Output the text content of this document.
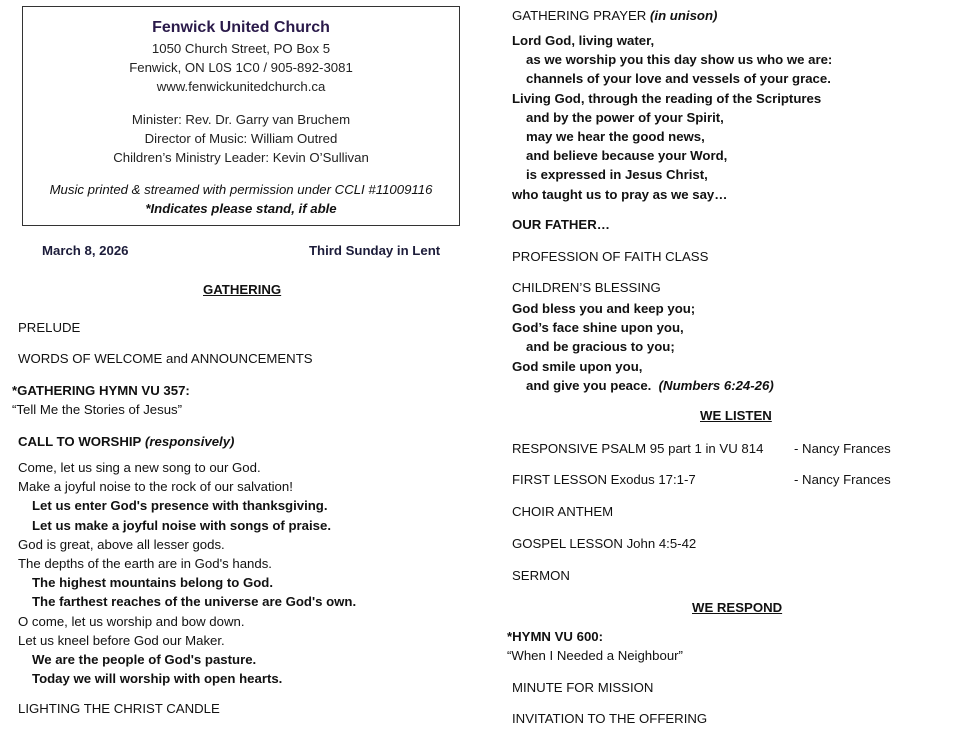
Fenwick United Church
1050 Church Street, PO Box 5
Fenwick, ON L0S 1C0 / 905-892-3081
www.fenwickunitedchurch.ca
Minister: Rev. Dr. Garry van Bruchem
Director of Music: William Outred
Children’s Ministry Leader: Kevin O’Sullivan
Music printed & streamed with permission under CCLI #11009116
*Indicates please stand, if able
March 8, 2026	Third Sunday in Lent
GATHERING
PRELUDE
WORDS OF WELCOME and ANNOUNCEMENTS
*GATHERING HYMN VU 357:
“Tell Me the Stories of Jesus”
CALL TO WORSHIP (responsively)
Come, let us sing a new song to our God.
Make a joyful noise to the rock of our salvation!
Let us enter God's presence with thanksgiving.
Let us make a joyful noise with songs of praise.
God is great, above all lesser gods.
The depths of the earth are in God's hands.
The highest mountains belong to God.
The farthest reaches of the universe are God's own.
O come, let us worship and bow down.
Let us kneel before God our Maker.
We are the people of God's pasture.
Today we will worship with open hearts.
LIGHTING THE CHRIST CANDLE
GATHERING PRAYER (in unison)
Lord God, living water,
as we worship you this day show us who we are:
channels of your love and vessels of your grace.
Living God, through the reading of the Scriptures
and by the power of your Spirit,
may we hear the good news,
and believe because your Word,
is expressed in Jesus Christ,
who taught us to pray as we say…
OUR FATHER…
PROFESSION OF FAITH CLASS
CHILDREN’S BLESSING
God bless you and keep you;
God’s face shine upon you,
and be gracious to you;
God smile upon you,
and give you peace. (Numbers 6:24-26)
WE LISTEN
RESPONSIVE PSALM 95 part 1 in VU 814 - Nancy Frances
FIRST LESSON Exodus 17:1-7	- Nancy Frances
CHOIR ANTHEM
GOSPEL LESSON John 4:5-42
SERMON
WE RESPOND
*HYMN VU 600:
“When I Needed a Neighbour”
MINUTE FOR MISSION
INVITATION TO THE OFFERING
